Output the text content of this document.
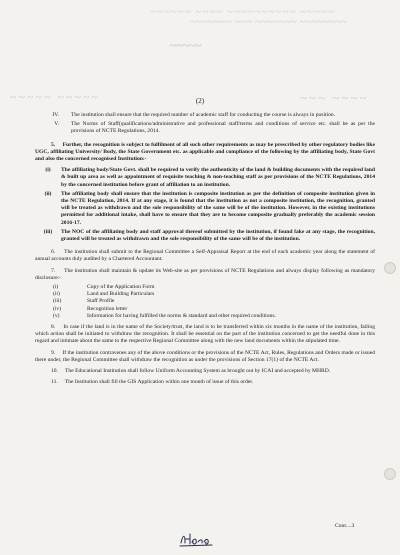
~~~~~~ ~~~~ ~~~~~~~~~~ ~~~~~
~~~~~~~ ~~~ ~~~~~~~ ~~~~~~~~
~~~~~
~~~~~ ~~~~~	~~~ ~~~~
(2)
IV.	The institution shall ensure that the required number of academic staff for conducting the course is always in position.
V.	The Norms of Staff(qualifications/administrative and professional staff/terms and conditions of service etc. shall be as per the provisions of NCTE Regulations, 2014.

5. Further, the recognition is subject to fulfilment of all such other requirements as may be prescribed by other regulatory bodies like UGC, affiliating University/ Body, the State Government etc. as applicable and compliance of the following by the affiliating body, State Govt and also the concerned recognised Institution:-

(i)	The affiliating body/State Govt. shall be required to verify the authenticity of the land & building documents with the required land & built up area as well as appointment of requisite teaching & non-teaching staff as per provisions of the NCTE Regulations, 2014 by the concerned institution before grant of affiliation to an institution.
(ii)	The affiliating body shall ensure that the institution is composite institution as per the definition of composite institution given in the NCTE Regulation, 2014. If at any stage, it is found that the institution as not a composite institution, the recognition, granted will be treated as withdrawn and the sole responsibility of the same will be of the institution. However, in the existing institutions permitted for additional intake, shall have to ensure that they are to become composite gradually preferably the academic session 2016-17.
(iii)	The NOC of the affiliating body and staff approval thereof submitted by the institution, if found fake at any stage, the recognition, granted will be treated as withdrawn and the sole responsibility of the same will be of the institution.

6. The institution shall submit to the Regional Committee a Self-Appraisal Report at the end of each academic year along the statement of annual accounts duly audited by a Chartered Accountant.

7. The institution shall maintain & update its Web-site as per provisions of NCTE Regulations and always display following as mandatory disclosure:-

(i)	Copy of the Application Form
(ii)	Land and Building Particulars
(iii)	Staff Profile
(iv)	Recognition letter
(v)	Information for having fulfilled the norms & standard and other required conditions.

8. In case if the land is in the name of the Society/trust, the land is to be transferred within six months in the name of the institution, failing which action shall be initiated to withdraw the recognition. It shall be essential on the part of the institution concerned to get the needful done in this regard and intimate about the same to the respective Regional Committee along with the new land documents within the stipulated time.

9. If the institution contravenes any of the above conditions or the provisions of the NCTE Act, Rules, Regulations and Orders made or issued there under, the Regional Committee shall withdraw the recognition as under the provisions of Section 17(1) of the NCTE Act.

10. The Educational Institution shall follow Uniform Accounting System as brought out by ICAI and accepted by MHRD.

11. The Institution shall fill the GIS Application within one month of issue of this order.

Cont....3
